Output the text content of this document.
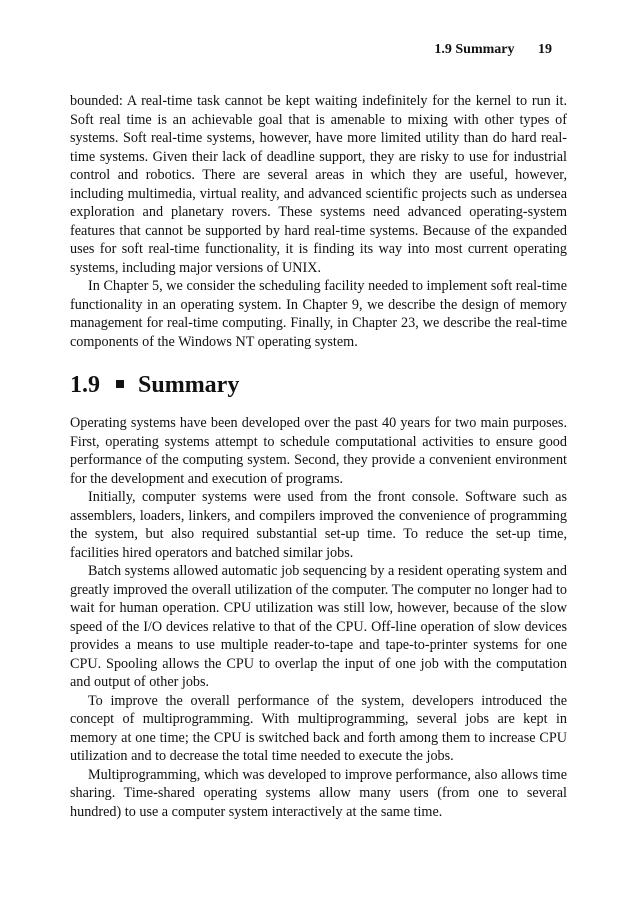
1.9 Summary 19

bounded: A real-time task cannot be kept waiting indefinitely for the kernel to run it. Soft real time is an achievable goal that is amenable to mixing with other types of systems. Soft real-time systems, however, have more limited utility than do hard real-time systems. Given their lack of deadline support, they are risky to use for industrial control and robotics. There are several areas in which they are useful, however, including multimedia, virtual reality, and advanced scientific projects such as undersea exploration and planetary rovers. These systems need advanced operating-system features that cannot be supported by hard real-time systems. Because of the expanded uses for soft real-time functionality, it is finding its way into most current operating systems, including major versions of UNIX.

In Chapter 5, we consider the scheduling facility needed to implement soft real-time functionality in an operating system. In Chapter 9, we describe the design of memory management for real-time computing. Finally, in Chapter 23, we describe the real-time components of the Windows NT operating system.

1.9 Summary

Operating systems have been developed over the past 40 years for two main purposes. First, operating systems attempt to schedule computational activities to ensure good performance of the computing system. Second, they provide a convenient environment for the development and execution of programs.

Initially, computer systems were used from the front console. Software such as assemblers, loaders, linkers, and compilers improved the convenience of programming the system, but also required substantial set-up time. To reduce the set-up time, facilities hired operators and batched similar jobs.

Batch systems allowed automatic job sequencing by a resident operating system and greatly improved the overall utilization of the computer. The computer no longer had to wait for human operation. CPU utilization was still low, however, because of the slow speed of the I/O devices relative to that of the CPU. Off-line operation of slow devices provides a means to use multiple reader-to-tape and tape-to-printer systems for one CPU. Spooling allows the CPU to overlap the input of one job with the computation and output of other jobs.

To improve the overall performance of the system, developers introduced the concept of multiprogramming. With multiprogramming, several jobs are kept in memory at one time; the CPU is switched back and forth among them to increase CPU utilization and to decrease the total time needed to execute the jobs.

Multiprogramming, which was developed to improve performance, also allows time sharing. Time-shared operating systems allow many users (from one to several hundred) to use a computer system interactively at the same time.
